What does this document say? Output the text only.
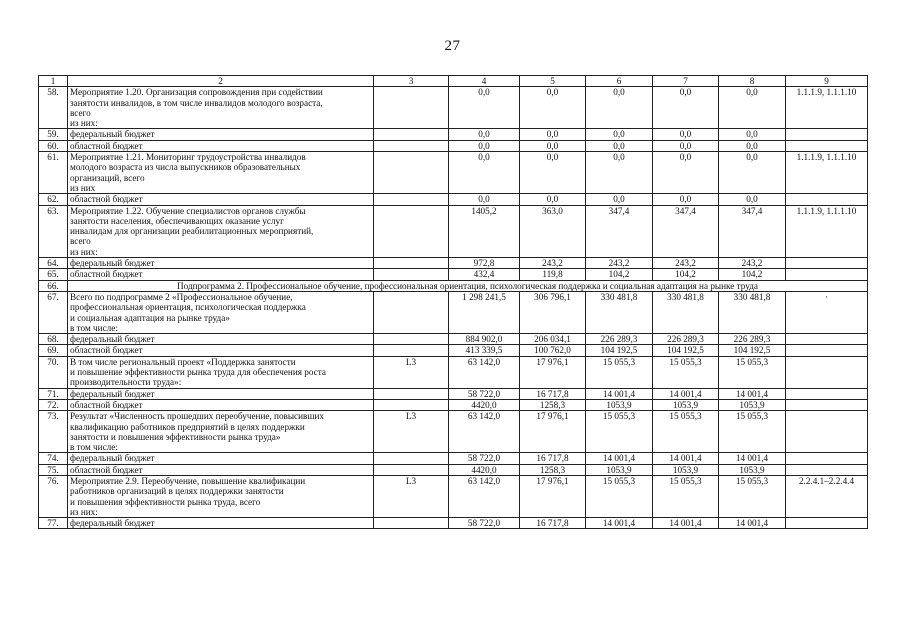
27
1	2	3	4	5	6	7	8	9
58.	Мероприятие 1.20. Организация сопровождения при содействии
занятости инвалидов, в том числе инвалидов молодого возраста,
всего
из них:		0,0	0,0	0,0	0,0	0,0	1.1.1.9, 1.1.1.10
59.	федеральный бюджет		0,0	0,0	0,0	0,0	0,0	
60.	областной бюджет		0,0	0,0	0,0	0,0	0,0	
61.	Мероприятие 1.21. Мониторинг трудоустройства инвалидов
молодого возраста из числа выпускников образовательных
организаций, всего
из них		0,0	0,0	0,0	0,0	0,0	1.1.1.9, 1.1.1.10
62.	областной бюджет		0,0	0,0	0,0	0,0	0,0	
63.	Мероприятие 1.22. Обучение специалистов органов службы
занятости населения, обеспечивающих оказание услуг
инвалидам для организации реабилитационных мероприятий,
всего
из них:		1405,2	363,0	347,4	347,4	347,4	1.1.1.9, 1.1.1.10
64.	федеральный бюджет		972,8	243,2	243,2	243,2	243,2	
65.	областной бюджет		432,4	119,8	104,2	104,2	104,2	
66.	Подпрограмма 2. Профессиональное обучение, профессиональная ориентация, психологическая поддержка и социальная адаптация на рынке труда							
67.	Всего по подпрограмме 2 «Профессиональное обучение,
профессиональная ориентация, психологическая поддержка
и социальная адаптация на рынке труда»
в том числе:		1 298 241,5	306 796,1	330 481,8	330 481,8	330 481,8	·
68.	федеральный бюджет		884 902,0	206 034,1	226 289,3	226 289,3	226 289,3	
69.	областной бюджет		413 339,5	100 762,0	104 192,5	104 192,5	104 192,5	
70.	В том числе региональный проект «Поддержка занятости
и повышение эффективности рынка труда для обеспечения роста
производительности труда»:	L3	63 142,0	17 976,1	15 055,3	15 055,3	15 055,3	
71.	федеральный бюджет		58 722,0	16 717,8	14 001,4	14 001,4	14 001,4	
72.	областной бюджет		4420,0	1258,3	1053,9	1053,9	1053,9	
73.	Результат «Численность прошедших переобучение, повысивших
квалификацию работников предприятий в целях поддержки
занятости и повышения эффективности рынка труда»
в том числе:	L3	63 142,0	17 976,1	15 055,3	15 055,3	15 055,3	
74.	федеральный бюджет		58 722,0	16 717,8	14 001,4	14 001,4	14 001,4	
75.	областной бюджет		4420,0	1258,3	1053,9	1053,9	1053,9	
76.	Мероприятие 2.9. Переобучение, повышение квалификации
работников организаций в целях поддержки занятости
и повышения эффективности рынка труда, всего
из них:	L3	63 142,0	17 976,1	15 055,3	15 055,3	15 055,3	2.2.4.1–2.2.4.4
77.	федеральный бюджет		58 722,0	16 717,8	14 001,4	14 001,4	14 001,4	
